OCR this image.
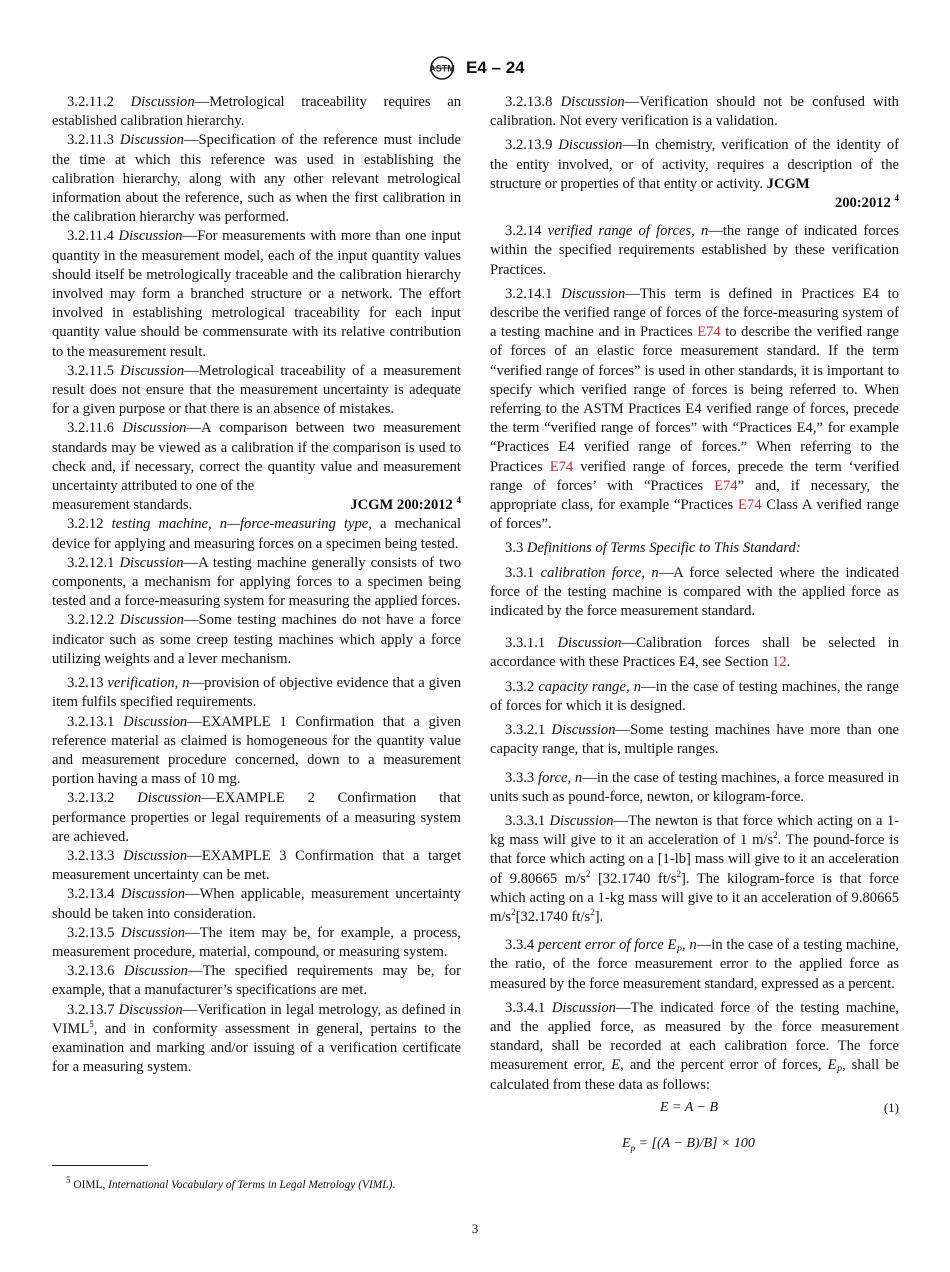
ASTM E4 – 24

3.2.11.2 Discussion—Metrological traceability requires an established calibration hierarchy.

3.2.11.3 Discussion—Specification of the reference must include the time at which this reference was used in establishing the calibration hierarchy, along with any other relevant metrological information about the reference, such as when the first calibration in the calibration hierarchy was performed.

3.2.11.4 Discussion—For measurements with more than one input quantity in the measurement model, each of the input quantity values should itself be metrologically traceable and the calibration hierarchy involved may form a branched structure or a network. The effort involved in establishing metrological traceability for each input quantity value should be commensurate with its relative contribution to the measurement result.

3.2.11.5 Discussion—Metrological traceability of a measurement result does not ensure that the measurement uncertainty is adequate for a given purpose or that there is an absence of mistakes.

3.2.11.6 Discussion—A comparison between two measurement standards may be viewed as a calibration if the comparison is used to check and, if necessary, correct the quantity value and measurement uncertainty attributed to one of the

measurement standards.	JCGM 200:2012 $^4$

3.2.12 testing machine, n—force-measuring type, a mechanical device for applying and measuring forces on a specimen being tested.

3.2.12.1 Discussion—A testing machine generally consists of two components, a mechanism for applying forces to a specimen being tested and a force-measuring system for measuring the applied forces.

3.2.12.2 Discussion—Some testing machines do not have a force indicator such as some creep testing machines which apply a force utilizing weights and a lever mechanism.

3.2.13 verification, n—provision of objective evidence that a given item fulfils specified requirements.

3.2.13.1 Discussion—EXAMPLE 1 Confirmation that a given reference material as claimed is homogeneous for the quantity value and measurement procedure concerned, down to a measurement portion having a mass of 10 mg.

3.2.13.2 Discussion—EXAMPLE 2 Confirmation that performance properties or legal requirements of a measuring system are achieved.

3.2.13.3 Discussion—EXAMPLE 3 Confirmation that a target measurement uncertainty can be met.

3.2.13.4 Discussion—When applicable, measurement uncertainty should be taken into consideration.

3.2.13.5 Discussion—The item may be, for example, a process, measurement procedure, material, compound, or measuring system.

3.2.13.6 Discussion—The specified requirements may be, for example, that a manufacturer’s specifications are met.

3.2.13.7 Discussion—Verification in legal metrology, as defined in VIML$^5$, and in conformity assessment in general, pertains to the examination and marking and/or issuing of a verification certificate for a measuring system.

3.2.13.8 Discussion—Verification should not be confused with calibration. Not every verification is a validation.

3.2.13.9 Discussion—In chemistry, verification of the identity of the entity involved, or of activity, requires a description of the structure or properties of that entity or activity. JCGM

200:2012 $^4$

3.2.14 verified range of forces, n—the range of indicated forces within the specified requirements established by these verification Practices.

3.2.14.1 Discussion—This term is defined in Practices E4 to describe the verified range of forces of the force-measuring system of a testing machine and in Practices E74 to describe the verified range of forces of an elastic force measurement standard. If the term “verified range of forces” is used in other standards, it is important to specify which verified range of forces is being referred to. When referring to the ASTM Practices E4 verified range of forces, precede the term “verified range of forces” with “Practices E4,” for example “Practices E4 verified range of forces.” When referring to the Practices E74 verified range of forces, precede the term ‘verified range of forces’ with “Practices E74” and, if necessary, the appropriate class, for example “Practices E74 Class A verified range of forces”.

3.3 Definitions of Terms Specific to This Standard:

3.3.1 calibration force, n—A force selected where the indicated force of the testing machine is compared with the applied force as indicated by the force measurement standard.

3.3.1.1 Discussion—Calibration forces shall be selected in accordance with these Practices E4, see Section 12.

3.3.2 capacity range, n—in the case of testing machines, the range of forces for which it is designed.

3.3.2.1 Discussion—Some testing machines have more than one capacity range, that is, multiple ranges.

3.3.3 force, n—in the case of testing machines, a force measured in units such as pound-force, newton, or kilogram-force.

3.3.3.1 Discussion—The newton is that force which acting on a 1-kg mass will give to it an acceleration of 1 $m/s^2$. The pound-force is that force which acting on a [1-lb] mass will give to it an acceleration of 9.80665 $m/s^2$ [32.1740 $ft/s^2$]. The kilogram-force is that force which acting on a 1-kg mass will give to it an acceleration of 9.80665 $m/s^2[32.1740$ $ft/s^2$].

3.3.4 percent error of force $E_P$, n—in the case of a testing machine, the ratio, of the force measurement error to the applied force as measured by the force measurement standard, expressed as a percent.

3.3.4.1 Discussion—The indicated force of the testing machine, and the applied force, as measured by the force measurement standard, shall be recorded at each calibration force. The force measurement error, E, and the percent error of forces, $E_P$, shall be calculated from these data as follows:

E = A − B	(1)
$E_p = [(A - B)/B] \times 100$
$^5$ OIML, International Vocabulary of Terms in Legal Metrology (VIML).
3
